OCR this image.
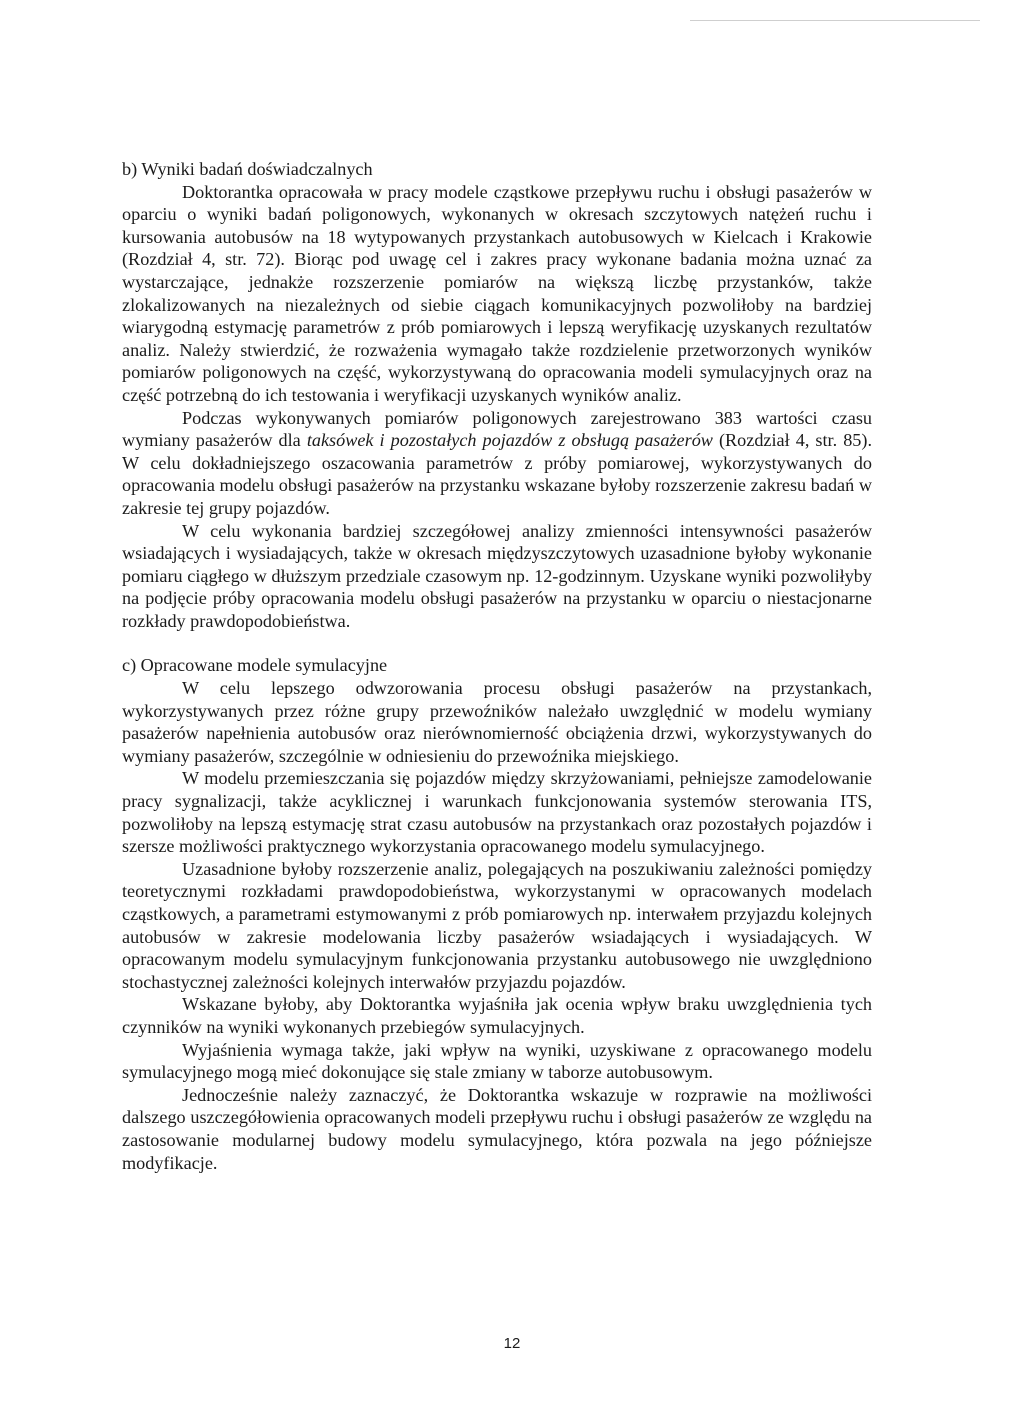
b) Wyniki badań doświadczalnych

Doktorantka opracowała w pracy modele cząstkowe przepływu ruchu i obsługi pasażerów w oparciu o wyniki badań poligonowych, wykonanych w okresach szczytowych natężeń ruchu i kursowania autobusów na 18 wytypowanych przystankach autobusowych w Kielcach i Krakowie (Rozdział 4, str. 72). Biorąc pod uwagę cel i zakres pracy wykonane badania można uznać za wystarczające, jednakże rozszerzenie pomiarów na większą liczbę przystanków, także zlokalizowanych na niezależnych od siebie ciągach komunikacyjnych pozwoliłoby na bardziej wiarygodną estymację parametrów z prób pomiarowych i lepszą weryfikację uzyskanych rezultatów analiz. Należy stwierdzić, że rozważenia wymagało także rozdzielenie przetworzonych wyników pomiarów poligonowych na część, wykorzystywaną do opracowania modeli symulacyjnych oraz na część potrzebną do ich testowania i weryfikacji uzyskanych wyników analiz.

Podczas wykonywanych pomiarów poligonowych zarejestrowano 383 wartości czasu wymiany pasażerów dla taksówek i pozostałych pojazdów z obsługą pasażerów (Rozdział 4, str. 85). W celu dokładniejszego oszacowania parametrów z próby pomiarowej, wykorzystywanych do opracowania modelu obsługi pasażerów na przystanku wskazane byłoby rozszerzenie zakresu badań w zakresie tej grupy pojazdów.

W celu wykonania bardziej szczegółowej analizy zmienności intensywności pasażerów wsiadających i wysiadających, także w okresach międzyszczytowych uzasadnione byłoby wykonanie pomiaru ciągłego w dłuższym przedziale czasowym np. 12-godzinnym. Uzyskane wyniki pozwoliłyby na podjęcie próby opracowania modelu obsługi pasażerów na przystanku w oparciu o niestacjonarne rozkłady prawdopodobieństwa.

c) Opracowane modele symulacyjne

W celu lepszego odwzorowania procesu obsługi pasażerów na przystankach, wykorzystywanych przez różne grupy przewoźników należało uwzględnić w modelu wymiany pasażerów napełnienia autobusów oraz nierównomierność obciążenia drzwi, wykorzystywanych do wymiany pasażerów, szczególnie w odniesieniu do przewoźnika miejskiego.

W modelu przemieszczania się pojazdów między skrzyżowaniami, pełniejsze zamodelowanie pracy sygnalizacji, także acyklicznej i warunkach funkcjonowania systemów sterowania ITS, pozwoliłoby na lepszą estymację strat czasu autobusów na przystankach oraz pozostałych pojazdów i szersze możliwości praktycznego wykorzystania opracowanego modelu symulacyjnego.

Uzasadnione byłoby rozszerzenie analiz, polegających na poszukiwaniu zależności pomiędzy teoretycznymi rozkładami prawdopodobieństwa, wykorzystanymi w opracowanych modelach cząstkowych, a parametrami estymowanymi z prób pomiarowych np. interwałem przyjazdu kolejnych autobusów w zakresie modelowania liczby pasażerów wsiadających i wysiadających. W opracowanym modelu symulacyjnym funkcjonowania przystanku autobusowego nie uwzględniono stochastycznej zależności kolejnych interwałów przyjazdu pojazdów.

Wskazane byłoby, aby Doktorantka wyjaśniła jak ocenia wpływ braku uwzględnienia tych czynników na wyniki wykonanych przebiegów symulacyjnych.

Wyjaśnienia wymaga także, jaki wpływ na wyniki, uzyskiwane z opracowanego modelu symulacyjnego mogą mieć dokonujące się stale zmiany w taborze autobusowym.

Jednocześnie należy zaznaczyć, że Doktorantka wskazuje w rozprawie na możliwości dalszego uszczegółowienia opracowanych modeli przepływu ruchu i obsługi pasażerów ze względu na zastosowanie modularnej budowy modelu symulacyjnego, która pozwala na jego późniejsze modyfikacje.

12
